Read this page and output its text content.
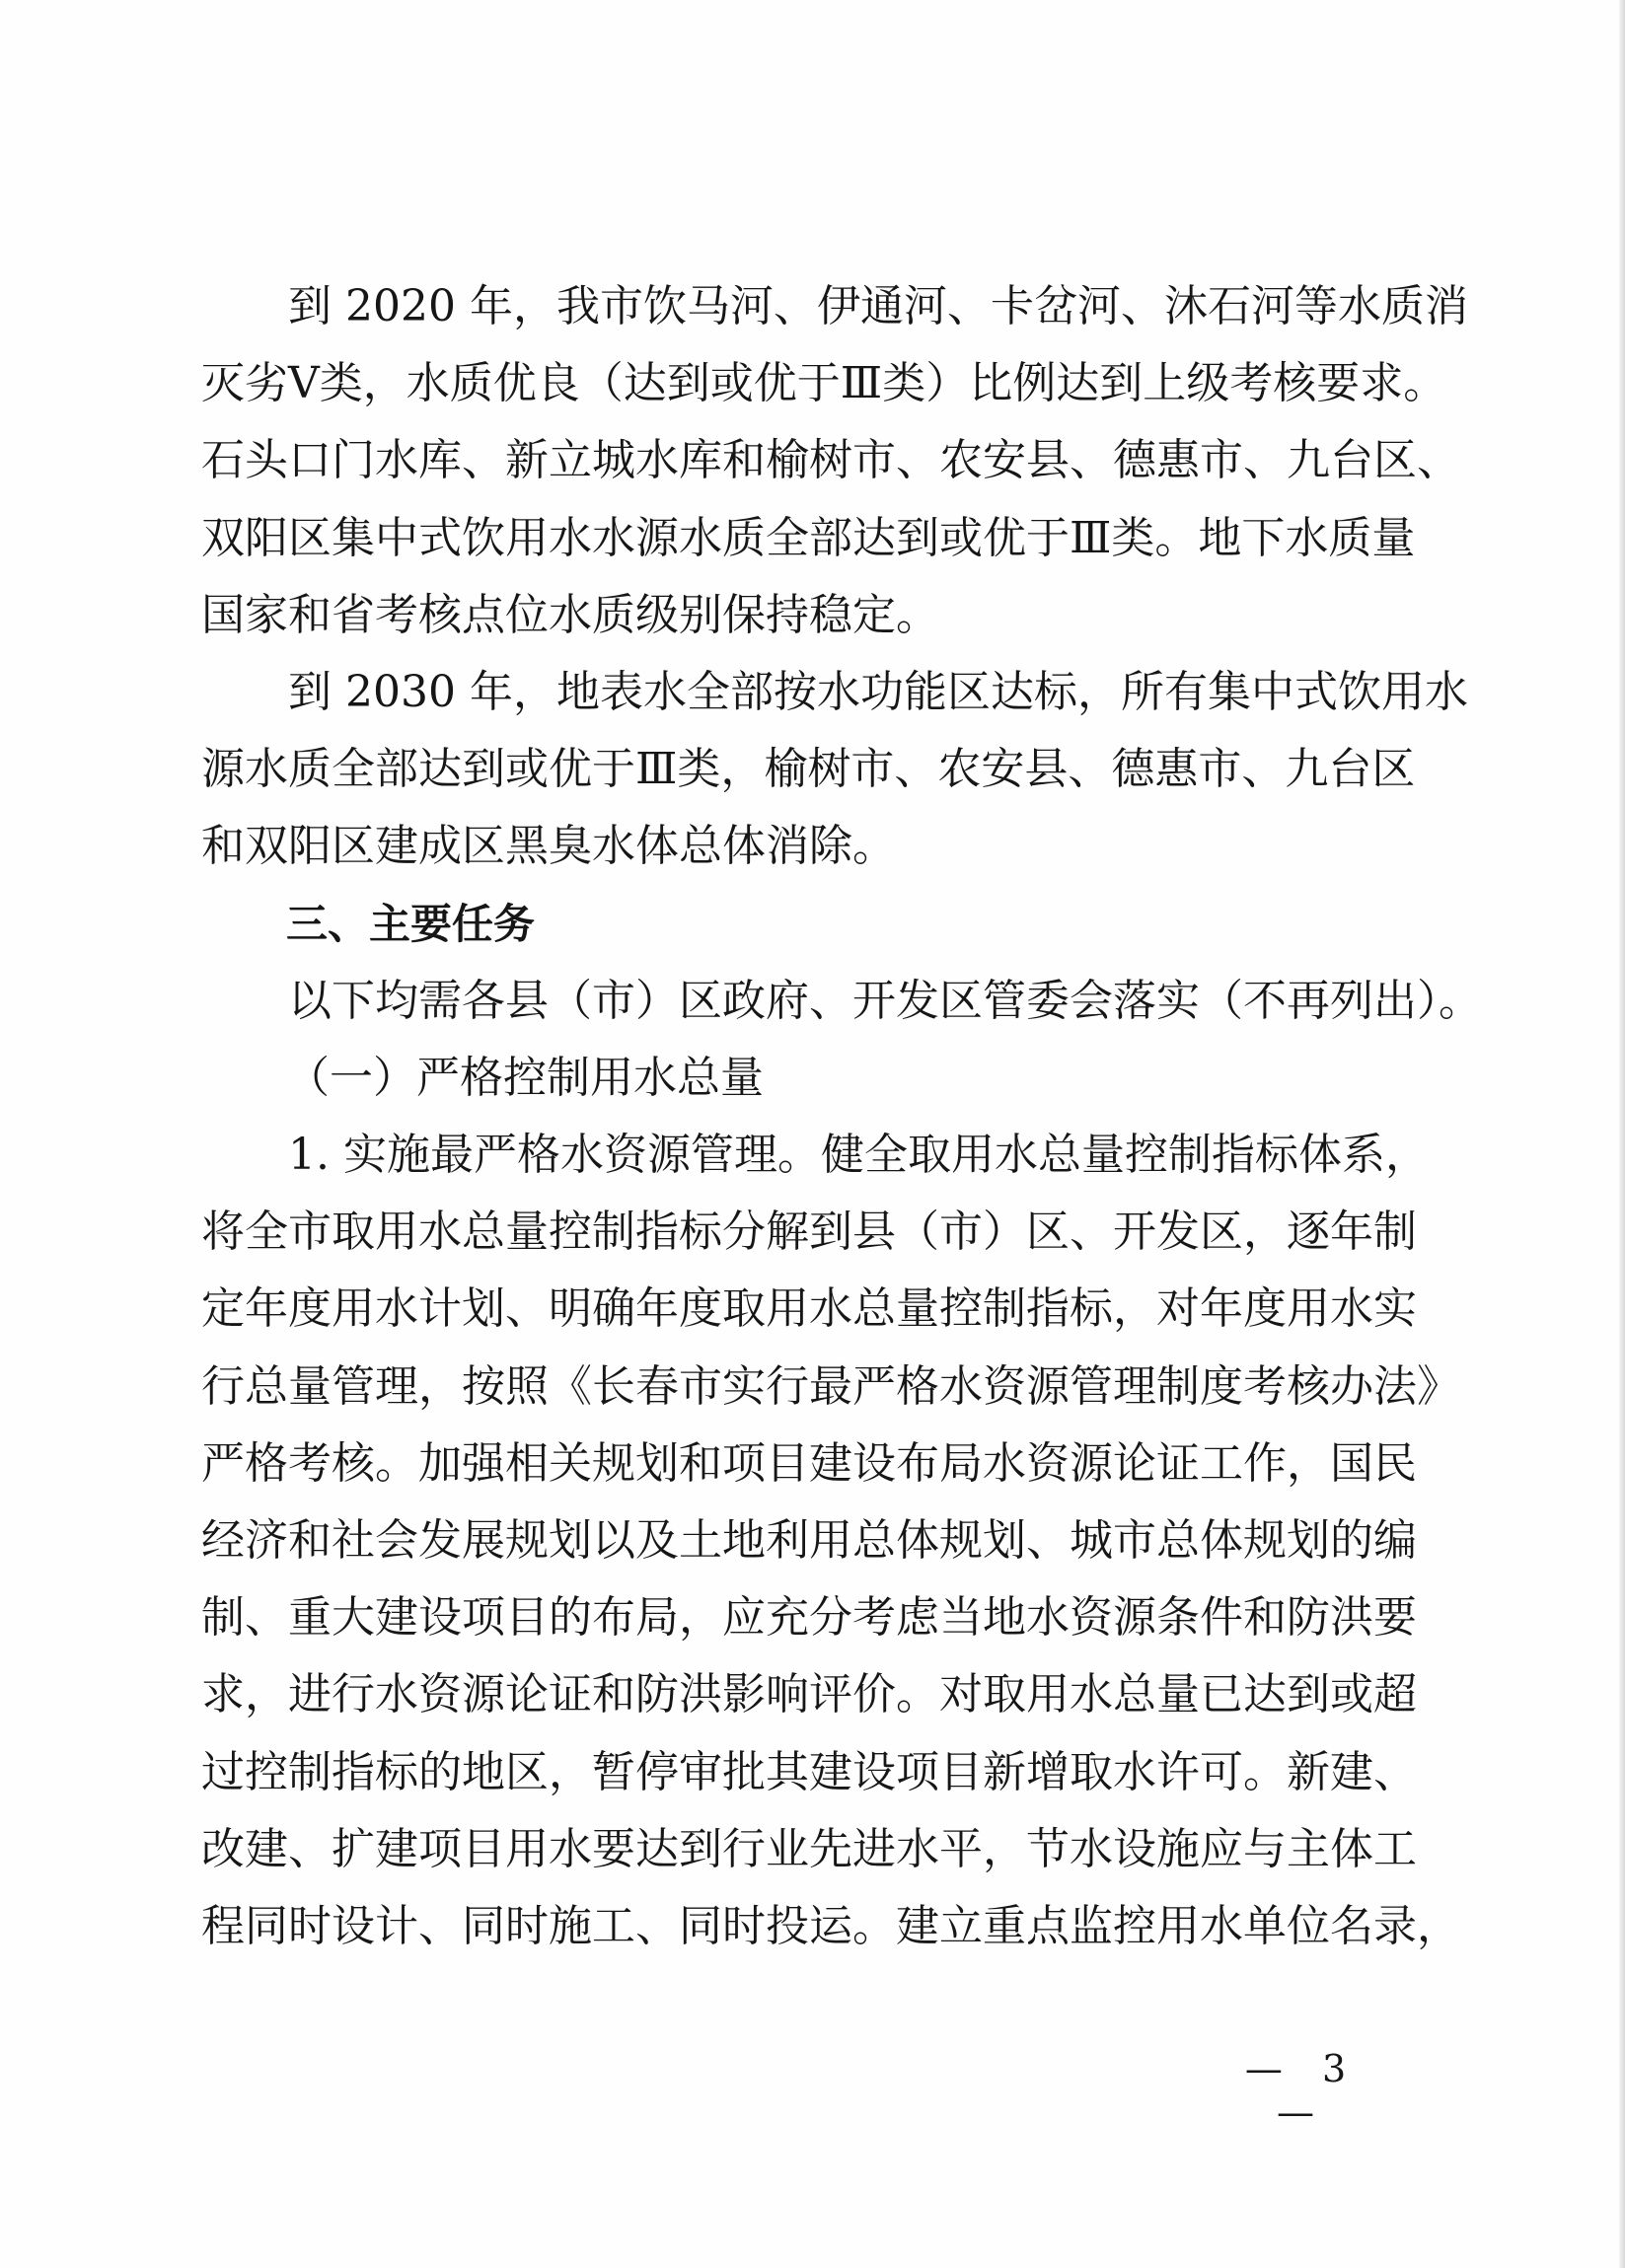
到 2020 年，我市饮马河、伊通河、卡岔河、沐石河等水质消
灭劣Ⅴ类，水质优良（达到或优于Ⅲ类）比例达到上级考核要求。
石头口门水库、新立城水库和榆树市、农安县、德惠市、九台区、
双阳区集中式饮用水水源水质全部达到或优于Ⅲ类。地下水质量
国家和省考核点位水质级别保持稳定。
到 2030 年，地表水全部按水功能区达标，所有集中式饮用水
源水质全部达到或优于Ⅲ类，榆树市、农安县、德惠市、九台区
和双阳区建成区黑臭水体总体消除。
三、主要任务
以下均需各县（市）区政府、开发区管委会落实（不再列出）。
（一）严格控制用水总量
1. 实施最严格水资源管理。健全取用水总量控制指标体系，
将全市取用水总量控制指标分解到县（市）区、开发区，逐年制
定年度用水计划、明确年度取用水总量控制指标，对年度用水实
行总量管理，按照《长春市实行最严格水资源管理制度考核办法》
严格考核。加强相关规划和项目建设布局水资源论证工作，国民
经济和社会发展规划以及土地利用总体规划、城市总体规划的编
制、重大建设项目的布局，应充分考虑当地水资源条件和防洪要
求，进行水资源论证和防洪影响评价。对取用水总量已达到或超
过控制指标的地区，暂停审批其建设项目新增取水许可。新建、
改建、扩建项目用水要达到行业先进水平，节水设施应与主体工
程同时设计、同时施工、同时投运。建立重点监控用水单位名录，
— 3 —
